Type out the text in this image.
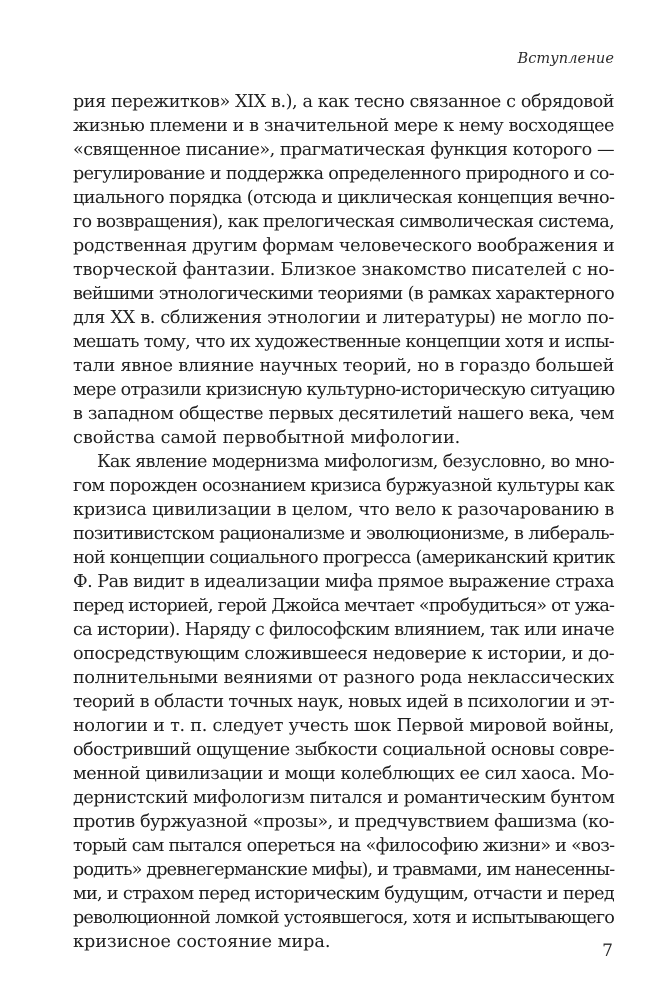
Вступление
рия пережитков» XIX в.), а как тесно связанное с обрядовой
жизнью племени и в значительной мере к нему восходящее
«священное писание», прагматическая функция которого —
регулирование и поддержка определенного природного и со-
циального порядка (отсюда и циклическая концепция вечно-
го возвращения), как прелогическая символическая система,
родственная другим формам человеческого воображения и
творческой фантазии. Близкое знакомство писателей с но-
вейшими этнологическими теориями (в рамках характерного
для XX в. сближения этнологии и литературы) не могло по-
мешать тому, что их художественные концепции хотя и испы-
тали явное влияние научных теорий, но в гораздо большей
мере отразили кризисную культурно-историческую ситуацию
в западном обществе первых десятилетий нашего века, чем
свойства самой первобытной мифологии.
Как явление модернизма мифологизм, безусловно, во мно-
гом порожден осознанием кризиса буржуазной культуры как
кризиса цивилизации в целом, что вело к разочарованию в
позитивистском рационализме и эволюционизме, в либераль-
ной концепции социального прогресса (американский критик
Ф. Рав видит в идеализации мифа прямое выражение страха
перед историей, герой Джойса мечтает «пробудиться» от ужа-
са истории). Наряду с философским влиянием, так или иначе
опосредствующим сложившееся недоверие к истории, и до-
полнительными веяниями от разного рода неклассических
теорий в области точных наук, новых идей в психологии и эт-
нологии и т. п. следует учесть шок Первой мировой войны,
обостривший ощущение зыбкости социальной основы совре-
менной цивилизации и мощи колеблющих ее сил хаоса. Мо-
дернистский мифологизм питался и романтическим бунтом
против буржуазной «прозы», и предчувствием фашизма (ко-
торый сам пытался опереться на «философию жизни» и «воз-
родить» древнегерманские мифы), и травмами, им нанесенны-
ми, и страхом перед историческим будущим, отчасти и перед
революционной ломкой устоявшегося, хотя и испытывающего
кризисное состояние мира.	7
